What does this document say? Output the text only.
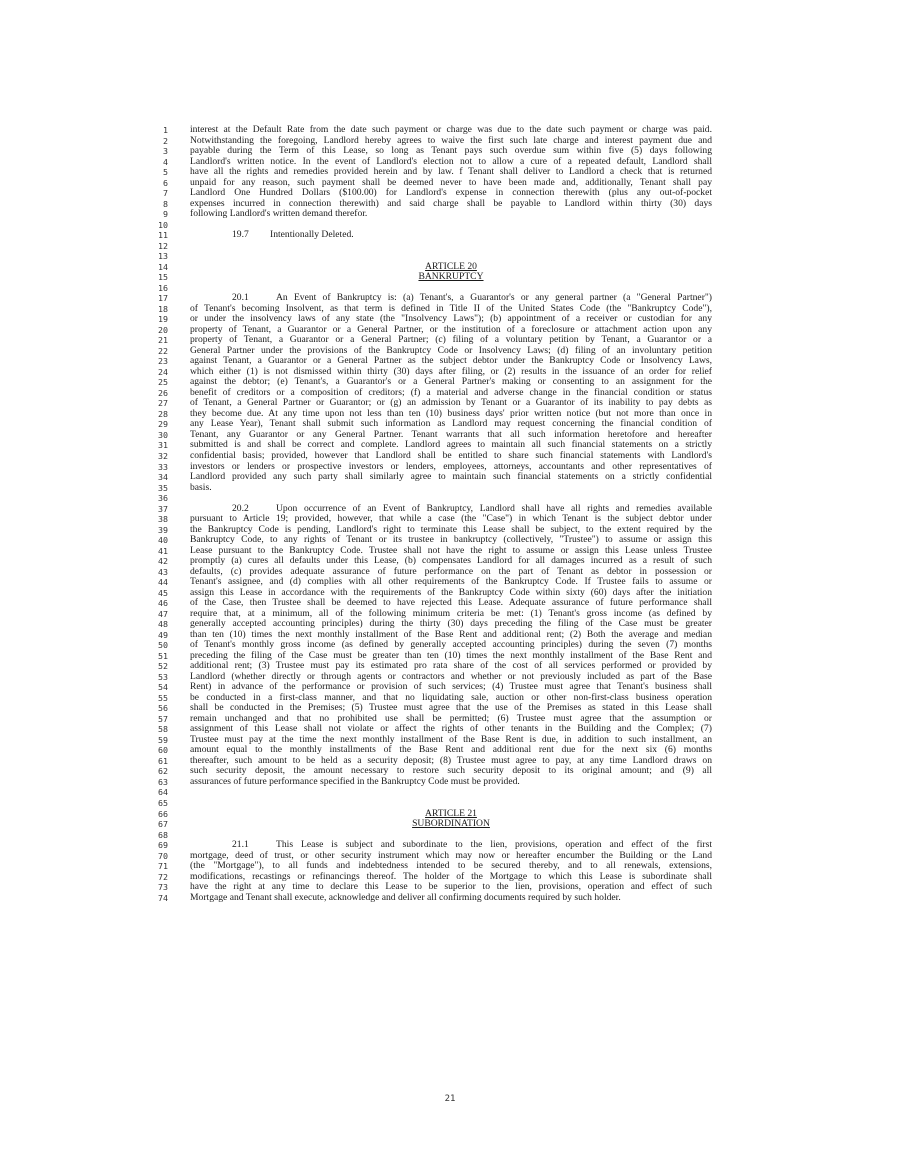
1 interest at the Default Rate from the date such payment or charge was due to the date such payment or charge was paid.
2 Notwithstanding the foregoing, Landlord hereby agrees to waive the first such late charge and interest payment due and
3 payable during the Term of this Lease, so long as Tenant pays such overdue sum within five (5) days following
4 Landlord's written notice. In the event of Landlord's election not to allow a cure of a repeated default, Landlord shall
5 have all the rights and remedies provided herein and by law. f Tenant shall deliver to Landlord a check that is returned
6 unpaid for any reason, such payment shall be deemed never to have been made and, additionally, Tenant shall pay
7 Landlord One Hundred Dollars ($100.00) for Landlord's expense in connection therewith (plus any out-of-pocket
8 expenses incurred in connection therewith) and said charge shall be payable to Landlord within thirty (30) days
9 following Landlord's written demand therefor.
10
11	19.7 Intentionally Deleted.
12
13
14	ARTICLE 20
15	BANKRUPTCY
16
17	20.1	An Event of Bankruptcy is: (a) Tenant's, a Guarantor's or any general partner (a "General Partner")
18 of Tenant's becoming Insolvent, as that term is defined in Title II of the United States Code (the "Bankruptcy Code"),
19 or under the insolvency laws of any state (the "Insolvency Laws"); (b) appointment of a receiver or custodian for any
20 property of Tenant, a Guarantor or a General Partner, or the institution of a foreclosure or attachment action upon any
21 property of Tenant, a Guarantor or a General Partner; (c) filing of a voluntary petition by Tenant, a Guarantor or a
22 General Partner under the provisions of the Bankruptcy Code or Insolvency Laws; (d) filing of an involuntary petition
23 against Tenant, a Guarantor or a General Partner as the subject debtor under the Bankruptcy Code or Insolvency Laws,
24 which either (1) is not dismissed within thirty (30) days after filing, or (2) results in the issuance of an order for relief
25 against the debtor; (e) Tenant's, a Guarantor's or a General Partner's making or consenting to an assignment for the
26 benefit of creditors or a composition of creditors; (f) a material and adverse change in the financial condition or status
27 of Tenant, a General Partner or Guarantor; or (g) an admission by Tenant or a Guarantor of its inability to pay debts as
28 they become due. At any time upon not less than ten (10) business days' prior written notice (but not more than once in
29 any Lease Year), Tenant shall submit such information as Landlord may request concerning the financial condition of
30 Tenant, any Guarantor or any General Partner. Tenant warrants that all such information heretofore and hereafter
31 submitted is and shall be correct and complete. Landlord agrees to maintain all such financial statements on a strictly
32 confidential basis; provided, however that Landlord shall be entitled to share such financial statements with Landlord's
33 investors or lenders or prospective investors or lenders, employees, attorneys, accountants and other representatives of
34 Landlord provided any such party shall similarly agree to maintain such financial statements on a strictly confidential
35 basis.
36
37	20.2	Upon occurrence of an Event of Bankruptcy, Landlord shall have all rights and remedies available
38 pursuant to Article 19; provided, however, that while a case (the "Case") in which Tenant is the subject debtor under
39 the Bankruptcy Code is pending, Landlord's right to terminate this Lease shall be subject, to the extent required by the
40 Bankruptcy Code, to any rights of Tenant or its trustee in bankruptcy (collectively, "Trustee") to assume or assign this
41 Lease pursuant to the Bankruptcy Code. Trustee shall not have the right to assume or assign this Lease unless Trustee
42 promptly (a) cures all defaults under this Lease, (b) compensates Landlord for all damages incurred as a result of such
43 defaults, (c) provides adequate assurance of future performance on the part of Tenant as debtor in possession or
44 Tenant's assignee, and (d) complies with all other requirements of the Bankruptcy Code. If Trustee fails to assume or
45 assign this Lease in accordance with the requirements of the Bankruptcy Code within sixty (60) days after the initiation
46 of the Case, then Trustee shall be deemed to have rejected this Lease. Adequate assurance of future performance shall
47 require that, at a minimum, all of the following minimum criteria be met: (1) Tenant's gross income (as defined by
48 generally accepted accounting principles) during the thirty (30) days preceding the filing of the Case must be greater
49 than ten (10) times the next monthly installment of the Base Rent and additional rent; (2) Both the average and median
50 of Tenant's monthly gross income (as defined by generally accepted accounting principles) during the seven (7) months
51 preceding the filing of the Case must be greater than ten (10) times the next monthly installment of the Base Rent and
52 additional rent; (3) Trustee must pay its estimated pro rata share of the cost of all services performed or provided by
53 Landlord (whether directly or through agents or contractors and whether or not previously included as part of the Base
54 Rent) in advance of the performance or provision of such services; (4) Trustee must agree that Tenant's business shall
55 be conducted in a first-class manner, and that no liquidating sale, auction or other non-first-class business operation
56 shall be conducted in the Premises; (5) Trustee must agree that the use of the Premises as stated in this Lease shall
57 remain unchanged and that no prohibited use shall be permitted; (6) Trustee must agree that the assumption or
58 assignment of this Lease shall not violate or affect the rights of other tenants in the Building and the Complex; (7)
59 Trustee must pay at the time the next monthly installment of the Base Rent is due, in addition to such installment, an
60 amount equal to the monthly installments of the Base Rent and additional rent due for the next six (6) months
61 thereafter, such amount to be held as a security deposit; (8) Trustee must agree to pay, at any time Landlord draws on
62 such security deposit, the amount necessary to restore such security deposit to its original amount; and (9) all
63 assurances of future performance specified in the Bankruptcy Code must be provided.
64
65
66	ARTICLE 21
67	SUBORDINATION
68
69	21.1	This Lease is subject and subordinate to the lien, provisions, operation and effect of the first
70 mortgage, deed of trust, or other security instrument which may now or hereafter encumber the Building or the Land
71 (the "Mortgage"), to all funds and indebtedness intended to be secured thereby, and to all renewals, extensions,
72 modifications, recastings or refinancings thereof. The holder of the Mortgage to which this Lease is subordinate shall
73 have the right at any time to declare this Lease to be superior to the lien, provisions, operation and effect of such
74 Mortgage and Tenant shall execute, acknowledge and deliver all confirming documents required by such holder.
21
